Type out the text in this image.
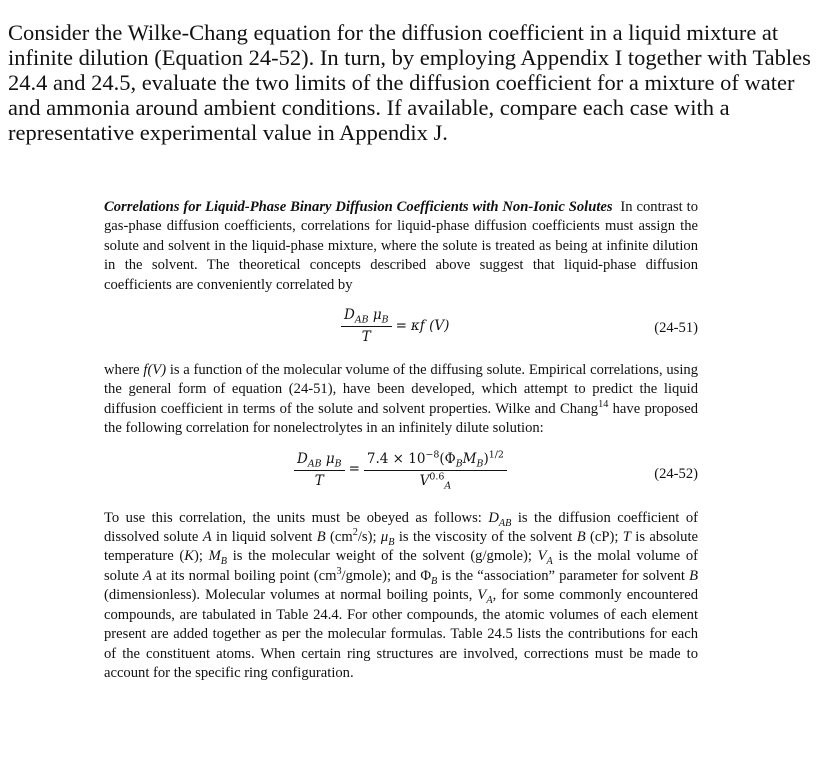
Consider the Wilke-Chang equation for the diffusion coefficient in a liquid mixture at infinite dilution (Equation 24-52). In turn, by employing Appendix I together with Tables 24.4 and 24.5, evaluate the two limits of the diffusion coefficient for a mixture of water and ammonia around ambient conditions. If available, compare each case with a representative experimental value in Appendix J.

Correlations for Liquid-Phase Binary Diffusion Coefficients with Non-Ionic Solutes In contrast to gas-phase diffusion coefficients, correlations for liquid-phase diffusion coefficients must assign the solute and solvent in the liquid-phase mixture, where the solute is treated as being at infinite dilution in the solvent. The theoretical concepts described above suggest that liquid-phase diffusion coefficients are conveniently correlated by

$\frac{D_{AB} \mu_B}{T} = \kappa f$ (V)	(24-51)

where f(V) is a function of the molecular volume of the diffusing solute. Empirical correlations, using the general form of equation (24-51), have been developed, which attempt to predict the liquid diffusion coefficient in terms of the solute and solvent properties. Wilke and Chang$^{14}$ have proposed the following correlation for nonelectrolytes in an infinitely dilute solution:

$\frac{D_{AB} \mu_B}{T} = \frac{7.4 \times 10^{-8}(\Phi_BM_B)^{1/2}}{V^{0.6}_A}$	(24-52)

To use this correlation, the units must be obeyed as follows: $D_{AB}$ is the diffusion coefficient of dissolved solute A in liquid solvent B $(cm^2/s)$; $\mu_B$ is the viscosity of the solvent B (cP); T is absolute temperature (K); $M_B$ is the molecular weight of the solvent (g/gmole); $V_A$ is the molal volume of solute A at its normal boiling point $(cm^3/gmole)$; and $\Phi_B$ is the “association” parameter for solvent B (dimensionless). Molecular volumes at normal boiling points, $V_A$, for some commonly encountered compounds, are tabulated in Table 24.4. For other compounds, the atomic volumes of each element present are added together as per the molecular formulas. Table 24.5 lists the contributions for each of the constituent atoms. When certain ring structures are involved, corrections must be made to account for the specific ring configuration.
